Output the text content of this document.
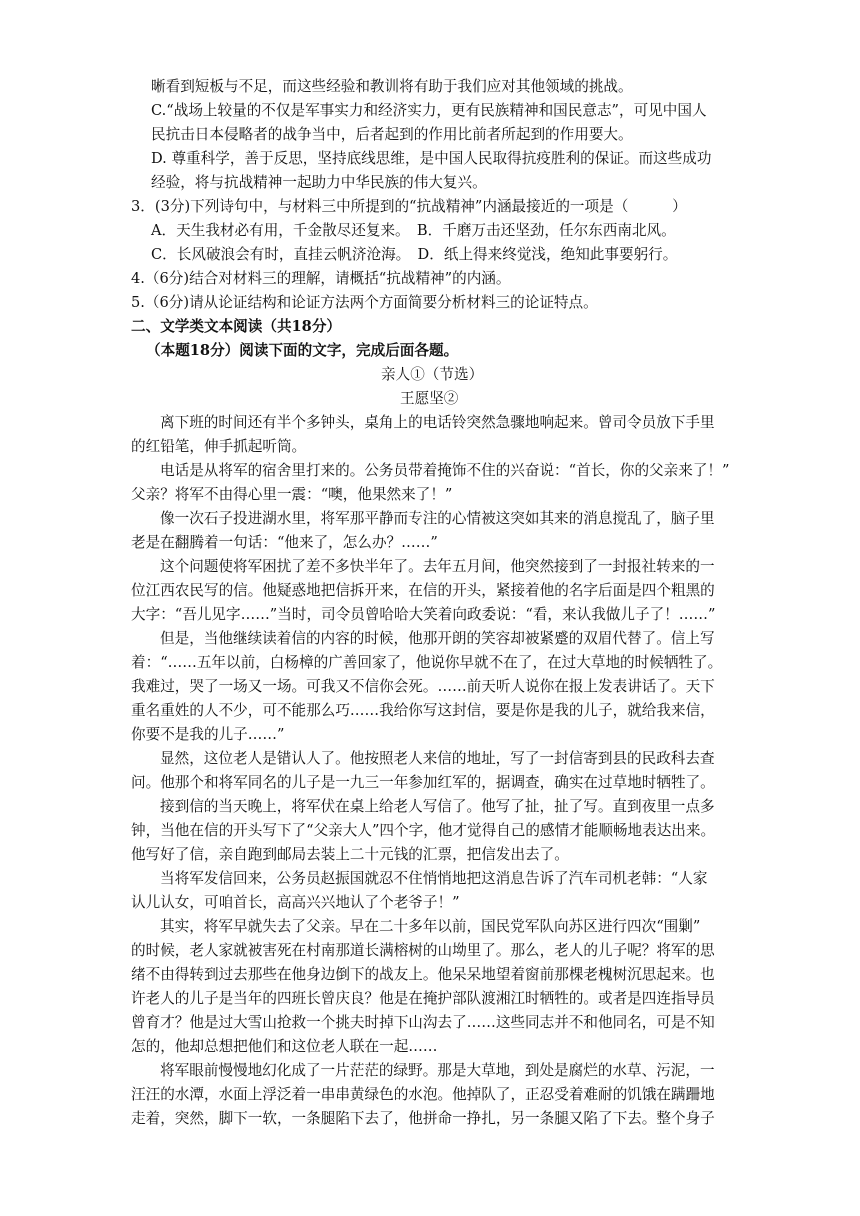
晰看到短板与不足，而这些经验和教训将有助于我们应对其他领域的挑战。
C.“战场上较量的不仅是军事实力和经济实力，更有民族精神和国民意志”，可见中国人
民抗击日本侵略者的战争当中，后者起到的作用比前者所起到的作用要大。
D. 尊重科学，善于反思，坚持底线思维，是中国人民取得抗疫胜利的保证。而这些成功
经验，将与抗战精神一起助力中华民族的伟大复兴。
3．(3分)下列诗句中，与材料三中所提到的“抗战精神”内涵最接近的一项是（　　　）
A．天生我材必有用，千金散尽还复来。　B．千磨万击还坚劲，任尔东西南北风。
C．长风破浪会有时，直挂云帆济沧海。　D．纸上得来终觉浅，绝知此事要躬行。
4.（6分)结合对材料三的理解，请概括“抗战精神”的内涵。
5.（6分)请从论证结构和论证方法两个方面简要分析材料三的论证特点。
二、文学类文本阅读（共18分）
（本题18分）阅读下面的文字，完成后面各题。
亲人①（节选）
王愿坚②
离下班的时间还有半个多钟头，桌角上的电话铃突然急骤地响起来。曾司令员放下手里
的红铅笔，伸手抓起听筒。
电话是从将军的宿舍里打来的。公务员带着掩饰不住的兴奋说：“首长，你的父亲来了！”
父亲？将军不由得心里一震：“噢，他果然来了！”
像一次石子投进湖水里，将军那平静而专注的心情被这突如其来的消息搅乱了，脑子里
老是在翻腾着一句话：“他来了，怎么办？……”
这个问题使将军困扰了差不多快半年了。去年五月间，他突然接到了一封报社转来的一
位江西农民写的信。他疑惑地把信拆开来，在信的开头，紧接着他的名字后面是四个粗黑的
大字：“吾儿见字……”当时，司令员曾哈哈大笑着向政委说：“看，来认我做儿子了！……”
但是，当他继续读着信的内容的时候，他那开朗的笑容却被紧蹙的双眉代替了。信上写
着：“……五年以前，白杨樟的广善回家了，他说你早就不在了，在过大草地的时候牺牲了。
我难过，哭了一场又一场。可我又不信你会死。……前天听人说你在报上发表讲话了。天下
重名重姓的人不少，可不能那么巧……我给你写这封信，要是你是我的儿子，就给我来信，
你要不是我的儿子……”
显然，这位老人是错认人了。他按照老人来信的地址，写了一封信寄到县的民政科去查
问。他那个和将军同名的儿子是一九三一年参加红军的，据调查，确实在过草地时牺牲了。
接到信的当天晚上，将军伏在桌上给老人写信了。他写了扯，扯了写。直到夜里一点多
钟，当他在信的开头写下了“父亲大人”四个字，他才觉得自己的感情才能顺畅地表达出来。
他写好了信，亲自跑到邮局去装上二十元钱的汇票，把信发出去了。
当将军发信回来，公务员赵振国就忍不住悄悄地把这消息告诉了汽车司机老韩：“人家
认儿认女，可咱首长，高高兴兴地认了个老爷子！”
其实，将军早就失去了父亲。早在二十多年以前，国民党军队向苏区进行四次“围剿”
的时候，老人家就被害死在村南那道长满榕树的山坳里了。那么，老人的儿子呢？将军的思
绪不由得转到过去那些在他身边倒下的战友上。他呆呆地望着窗前那棵老槐树沉思起来。也
许老人的儿子是当年的四班长曾庆良？他是在掩护部队渡湘江时牺牲的。或者是四连指导员
曾育才？他是过大雪山抢救一个挑夫时掉下山沟去了……这些同志并不和他同名，可是不知
怎的，他却总想把他们和这位老人联在一起……
将军眼前慢慢地幻化成了一片茫茫的绿野。那是大草地，到处是腐烂的水草、污泥，一
汪汪的水潭，水面上浮泛着一串串黄绿色的水泡。他掉队了，正忍受着难耐的饥饿在蹒跚地
走着，突然，脚下一软，一条腿陷下去了，他拼命一挣扎，另一条腿又陷了下去。整个身子
